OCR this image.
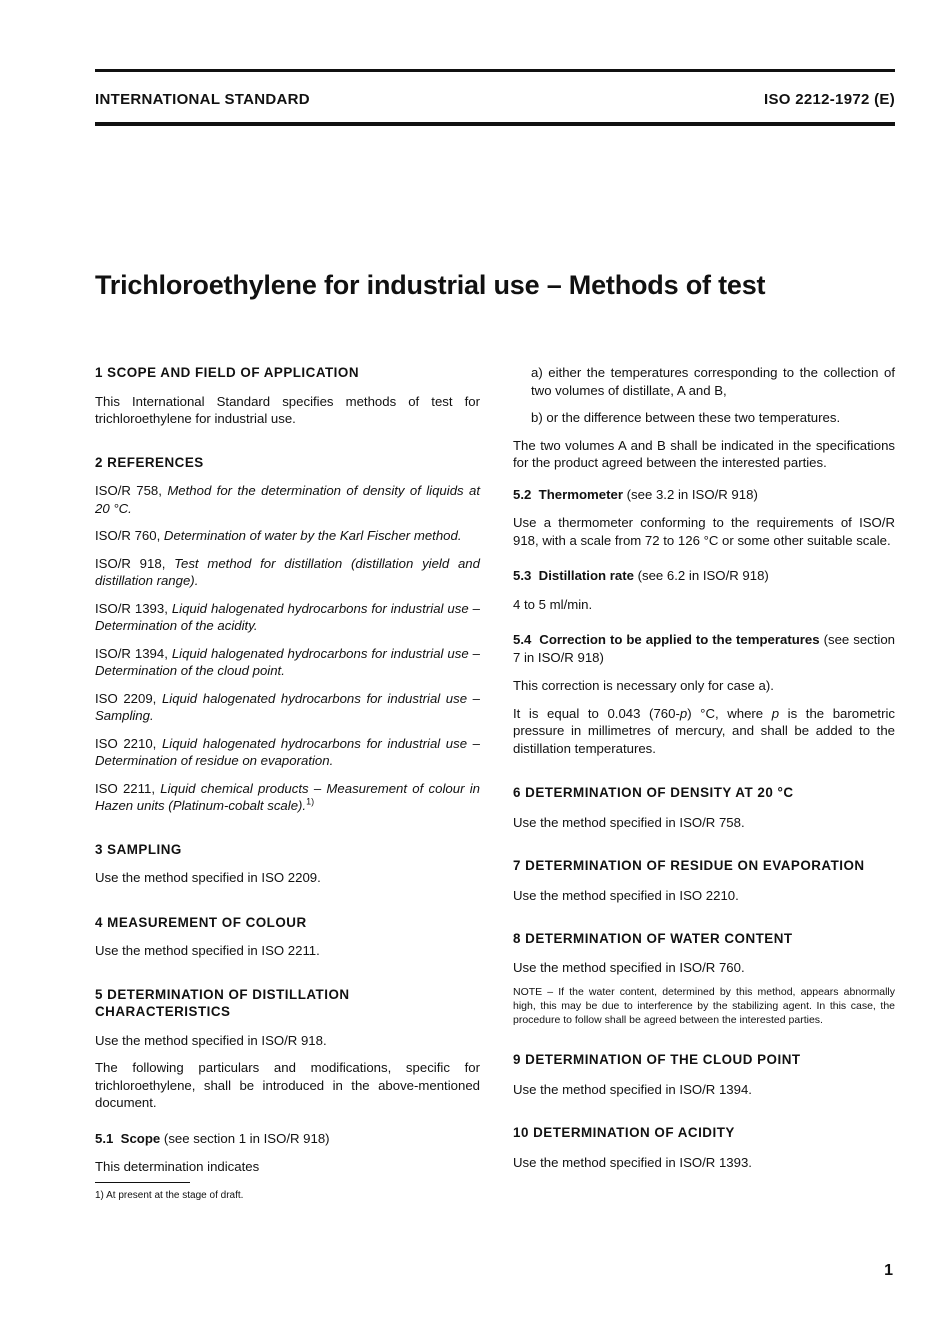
INTERNATIONAL STANDARD	ISO 2212-1972 (E)
Trichloroethylene for industrial use – Methods of test

1 SCOPE AND FIELD OF APPLICATION

This International Standard specifies methods of test for trichloroethylene for industrial use.

2 REFERENCES

ISO/R 758, Method for the determination of density of liquids at 20 °C.

ISO/R 760, Determination of water by the Karl Fischer method.

ISO/R 918, Test method for distillation (distillation yield and distillation range).

ISO/R 1393, Liquid halogenated hydrocarbons for industrial use – Determination of the acidity.

ISO/R 1394, Liquid halogenated hydrocarbons for industrial use – Determination of the cloud point.

ISO 2209, Liquid halogenated hydrocarbons for industrial use – Sampling.

ISO 2210, Liquid halogenated hydrocarbons for industrial use – Determination of residue on evaporation.

ISO 2211, Liquid chemical products – Measurement of colour in Hazen units (Platinum-cobalt scale).$^{1)}$

3 SAMPLING

Use the method specified in ISO 2209.

4 MEASUREMENT OF COLOUR

Use the method specified in ISO 2211.

5 DETERMINATION OF DISTILLATION CHARACTERISTICS

Use the method specified in ISO/R 918.

The following particulars and modifications, specific for trichloroethylene, shall be introduced in the above-mentioned document.

5.1 Scope (see section 1 in ISO/R 918)

This determination indicates

1) At present at the stage of draft.

a) either the temperatures corresponding to the collection of two volumes of distillate, A and B,

b) or the difference between these two temperatures.

The two volumes A and B shall be indicated in the specifications for the product agreed between the interested parties.

5.2 Thermometer (see 3.2 in ISO/R 918)

Use a thermometer conforming to the requirements of ISO/R 918, with a scale from 72 to 126 °C or some other suitable scale.

5.3 Distillation rate (see 6.2 in ISO/R 918)

4 to 5 ml/min.

5.4 Correction to be applied to the temperatures (see section 7 in ISO/R 918)

This correction is necessary only for case a).

It is equal to 0.043 (760-p) °C, where p is the barometric pressure in millimetres of mercury, and shall be added to the distillation temperatures.

6 DETERMINATION OF DENSITY AT 20 °C

Use the method specified in ISO/R 758.

7 DETERMINATION OF RESIDUE ON EVAPORATION

Use the method specified in ISO 2210.

8 DETERMINATION OF WATER CONTENT

Use the method specified in ISO/R 760.

NOTE – If the water content, determined by this method, appears abnormally high, this may be due to interference by the stabilizing agent. In this case, the procedure to follow shall be agreed between the interested parties.

9 DETERMINATION OF THE CLOUD POINT

Use the method specified in ISO/R 1394.

10 DETERMINATION OF ACIDITY

Use the method specified in ISO/R 1393.

1
